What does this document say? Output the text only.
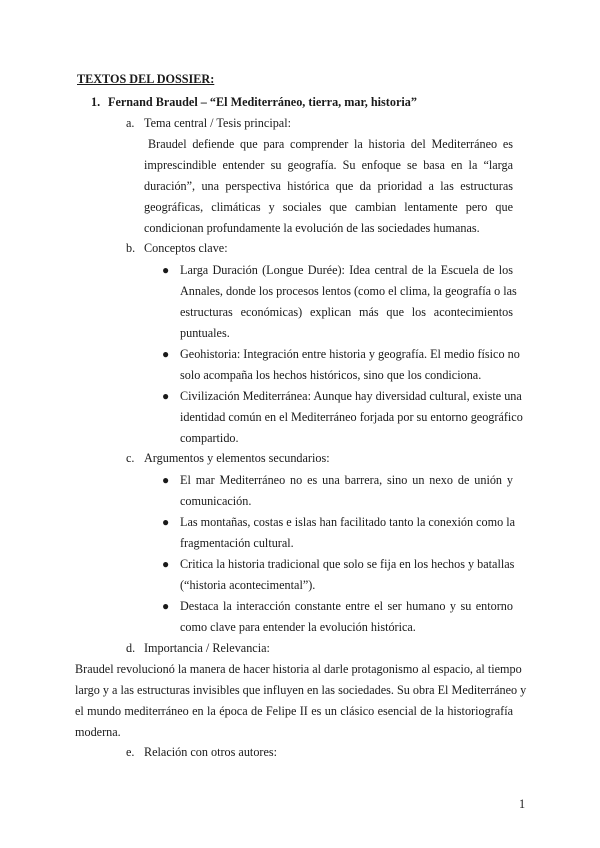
TEXTOS DEL DOSSIER:
1. Fernand Braudel – “El Mediterráneo, tierra, mar, historia”
a. Tema central / Tesis principal:
Braudel defiende que para comprender la historia del Mediterráneo es
imprescindible entender su geografía. Su enfoque se basa en la “larga
duración”, una perspectiva histórica que da prioridad a las estructuras
geográficas, climáticas y sociales que cambian lentamente pero que
condicionan profundamente la evolución de las sociedades humanas.
b. Conceptos clave:
● Larga Duración (Longue Durée): Idea central de la Escuela de los
Annales, donde los procesos lentos (como el clima, la geografía o las
estructuras económicas) explican más que los acontecimientos
puntuales.
● Geohistoria: Integración entre historia y geografía. El medio físico no
solo acompaña los hechos históricos, sino que los condiciona.
● Civilización Mediterránea: Aunque hay diversidad cultural, existe una
identidad común en el Mediterráneo forjada por su entorno geográfico
compartido.
c. Argumentos y elementos secundarios:
● El mar Mediterráneo no es una barrera, sino un nexo de unión y
comunicación.
● Las montañas, costas e islas han facilitado tanto la conexión como la
fragmentación cultural.
● Critica la historia tradicional que solo se fija en los hechos y batallas
(“historia acontecimental”).
● Destaca la interacción constante entre el ser humano y su entorno
como clave para entender la evolución histórica.
d. Importancia / Relevancia:
Braudel revolucionó la manera de hacer historia al darle protagonismo al espacio, al tiempo
largo y a las estructuras invisibles que influyen en las sociedades. Su obra El Mediterráneo y
el mundo mediterráneo en la época de Felipe II es un clásico esencial de la historiografía
moderna.
e. Relación con otros autores:
1
